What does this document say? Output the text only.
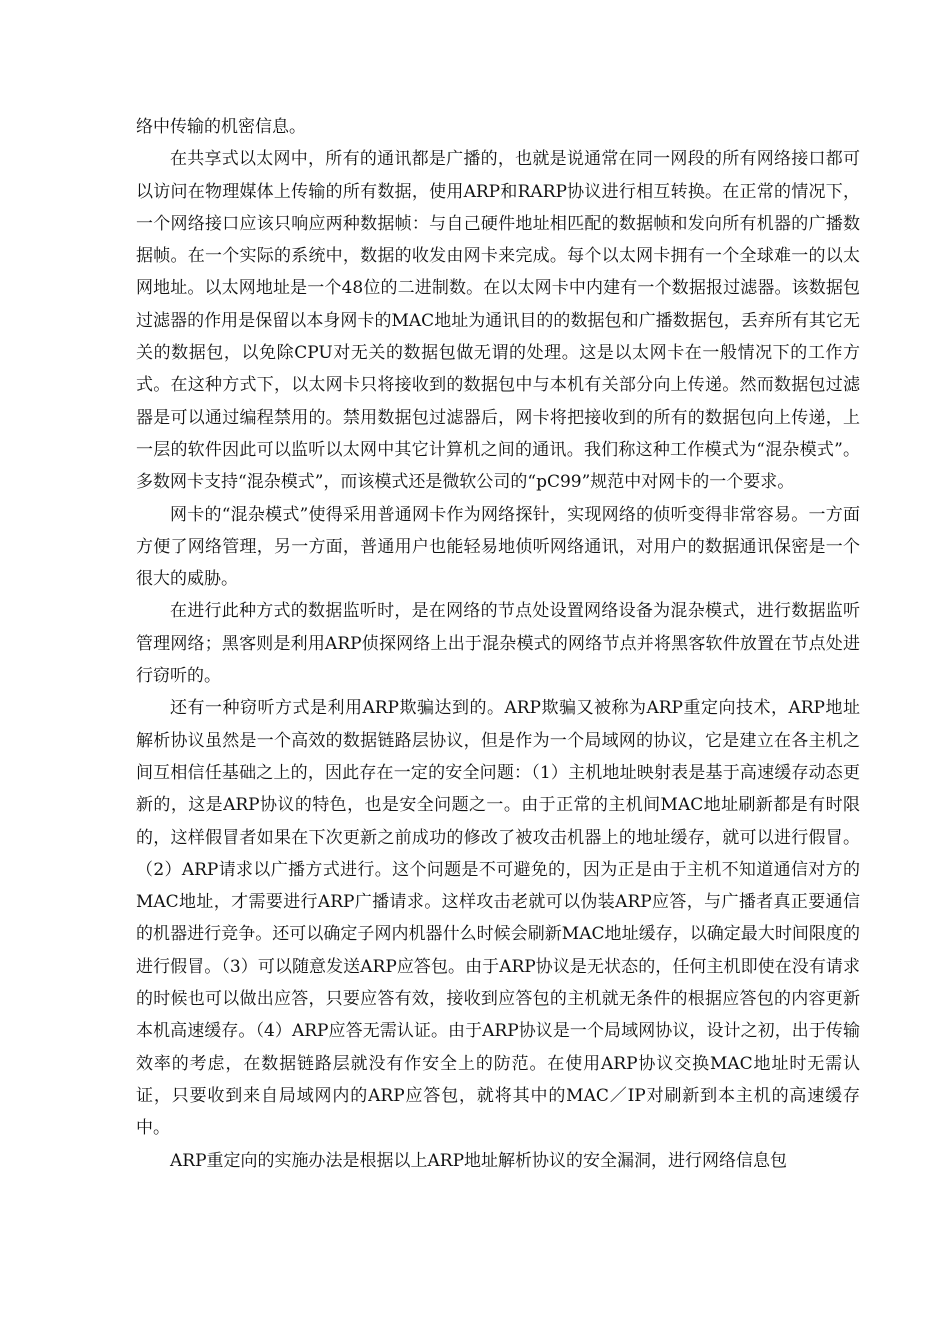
络中传输的机密信息。

在共享式以太网中，所有的通讯都是广播的，也就是说通常在同一网段的所有网络接口都可以访问在物理媒体上传输的所有数据，使用ARP和RARP协议进行相互转换。在正常的情况下，一个网络接口应该只响应两种数据帧：与自己硬件地址相匹配的数据帧和发向所有机器的广播数据帧。在一个实际的系统中，数据的收发由网卡来完成。每个以太网卡拥有一个全球难一的以太网地址。以太网地址是一个48位的二进制数。在以太网卡中内建有一个数据报过滤器。该数据包过滤器的作用是保留以本身网卡的MAC地址为通讯目的的数据包和广播数据包，丢弃所有其它无关的数据包，以免除CPU对无关的数据包做无谓的处理。这是以太网卡在一般情况下的工作方式。在这种方式下，以太网卡只将接收到的数据包中与本机有关部分向上传递。然而数据包过滤器是可以通过编程禁用的。禁用数据包过滤器后，网卡将把接收到的所有的数据包向上传递，上一层的软件因此可以监听以太网中其它计算机之间的通讯。我们称这种工作模式为“混杂模式”。多数网卡支持“混杂模式”，而该模式还是微软公司的“pC99”规范中对网卡的一个要求。

网卡的“混杂模式”使得采用普通网卡作为网络探针，实现网络的侦听变得非常容易。一方面方便了网络管理，另一方面，普通用户也能轻易地侦听网络通讯，对用户的数据通讯保密是一个很大的威胁。

在进行此种方式的数据监听时，是在网络的节点处设置网络设备为混杂模式，进行数据监听管理网络；黑客则是利用ARP侦探网络上出于混杂模式的网络节点并将黑客软件放置在节点处进行窃听的。

还有一种窃听方式是利用ARP欺骗达到的。ARP欺骗又被称为ARP重定向技术，ARP地址解析协议虽然是一个高效的数据链路层协议，但是作为一个局域网的协议，它是建立在各主机之间互相信任基础之上的，因此存在一定的安全问题：（1）主机地址映射表是基于高速缓存动态更新的，这是ARP协议的特色，也是安全问题之一。由于正常的主机间MAC地址刷新都是有时限的，这样假冒者如果在下次更新之前成功的修改了被攻击机器上的地址缓存，就可以进行假冒。（2）ARP请求以广播方式进行。这个问题是不可避免的，因为正是由于主机不知道通信对方的MAC地址，才需要进行ARP广播请求。这样攻击老就可以伪装ARP应答，与广播者真正要通信的机器进行竞争。还可以确定子网内机器什么时候会刷新MAC地址缓存，以确定最大时间限度的进行假冒。（3）可以随意发送ARP应答包。由于ARP协议是无状态的，任何主机即使在没有请求的时候也可以做出应答，只要应答有效，接收到应答包的主机就无条件的根据应答包的内容更新本机高速缓存。（4）ARP应答无需认证。由于ARP协议是一个局域网协议，设计之初，出于传输效率的考虑，在数据链路层就没有作安全上的防范。在使用ARP协议交换MAC地址时无需认证，只要收到来自局域网内的ARP应答包，就将其中的MAC／IP对刷新到本主机的高速缓存中。

ARP重定向的实施办法是根据以上ARP地址解析协议的安全漏洞，进行网络信息包
